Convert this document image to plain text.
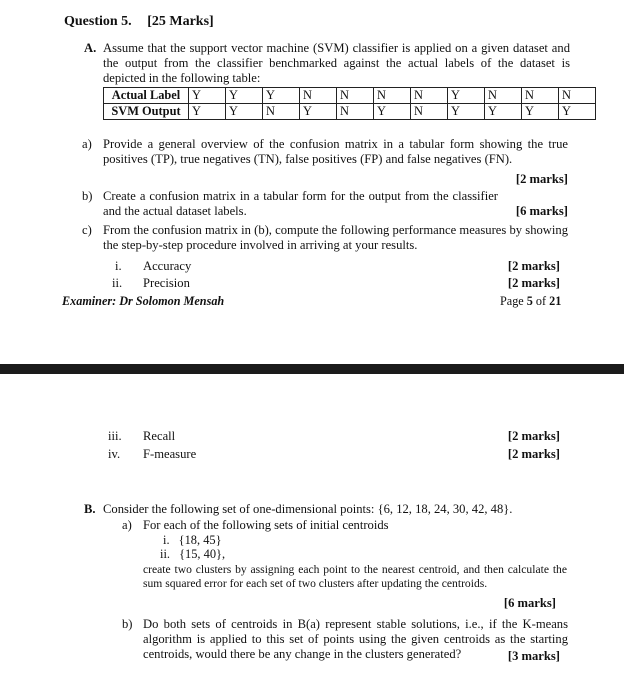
Question 5. [25 Marks]
A. Assume that the support vector machine (SVM) classifier is applied on a given dataset and the output from the classifier benchmarked against the actual labels of the dataset is depicted in the following table:
Actual Label	Y	Y	Y	N	N	N	N	Y	N	N	N
SVM Output	Y	Y	N	Y	N	Y	N	Y	Y	Y	Y
a) Provide a general overview of the confusion matrix in a tabular form showing the true positives (TP), true negatives (TN), false positives (FP) and false negatives (FN).
[2 marks]
b) Create a confusion matrix in a tabular form for the output from the classifier and the actual dataset labels.	[6 marks]
c) From the confusion matrix in (b), compute the following performance measures by showing the step-by-step procedure involved in arriving at your results.
i. Accuracy	[2 marks]
ii. Precision	[2 marks]
Examiner: Dr Solomon Mensah	Page 5 of 21
iii. Recall	[2 marks]
iv. F-measure	[2 marks]
B. Consider the following set of one-dimensional points: {6, 12, 18, 24, 30, 42, 48}.
a) For each of the following sets of initial centroids
i. {18, 45}
ii. {15, 40},
create two clusters by assigning each point to the nearest centroid, and then calculate the sum squared error for each set of two clusters after updating the centroids.
[6 marks]
b) Do both sets of centroids in B(a) represent stable solutions, i.e., if the K-means algorithm is applied to this set of points using the given centroids as the starting centroids, would there be any change in the clusters generated?	[3 marks]
